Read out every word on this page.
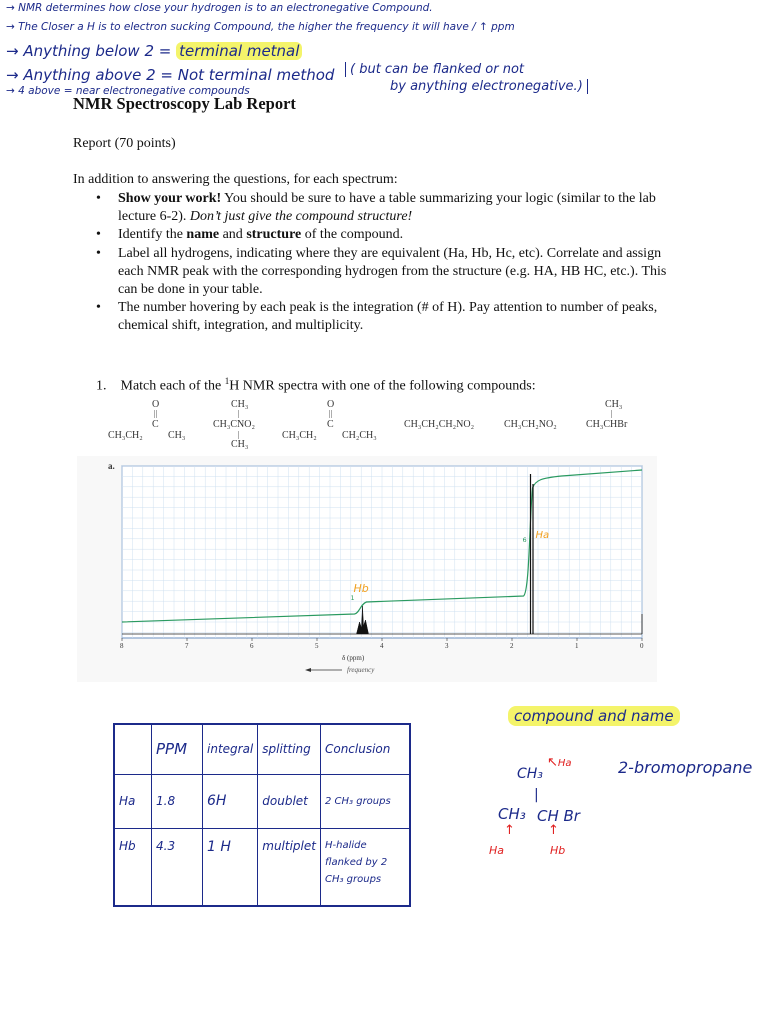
→ NMR determines how close your hydrogen is to an electronegative Compound.
→ The Closer a H is to electron sucking Compound, the higher the frequency it will have / ↑ ppm
→ Anything below 2 = terminal metnal
→ Anything above 2 = Not terminal method	( but can be flanked or not
by anything electronegative.)
→ 4 above = near electronegative compounds
NMR Spectroscopy Lab Report
Report (70 points)
In addition to answering the questions, for each spectrum:
• Show your work! You should be sure to have a table summarizing your logic (similar to the lab lecture 6-2). Don’t just give the compound structure!
• Identify the name and structure of the compound.
• Label all hydrogens, indicating where they are equivalent (Ha, Hb, Hc, etc). Correlate and assign each NMR peak with the corresponding hydrogen from the structure (e.g. HA, HB HC, etc.). This can be done in your table.
• The number hovering by each peak is the integration (# of H). Pay attention to number of peaks, chemical shift, integration, and multiplicity.
1. Match each of the $^1$H NMR spectra with one of the following compounds:
O
||
C
CH₃CH₂	CH₃
CH₃
|
CH₃CNO₂
|
CH₃
O
||
C
CH₃CH₂	CH₂CH₃
CH₃CH₂CH₂NO₂	CH₃CH₂NO₂
CH₃
|
CH₃CHBr
a.
8	7	6	5	4	3	2	1	0
1
6
Hb
Ha
δ (ppm)
frequency
	PPM	integral	splitting	Conclusion
Ha	1.8	6H	doublet	2 CH₃ groups
Hb	4.3	1 H	multiplet	H-halide flanked by 2 CH₃ groups
compound and name
2-bromopropane
CH₃
↖Ha
|
CH₃ CH Br
↑	↑
Ha	Hb
